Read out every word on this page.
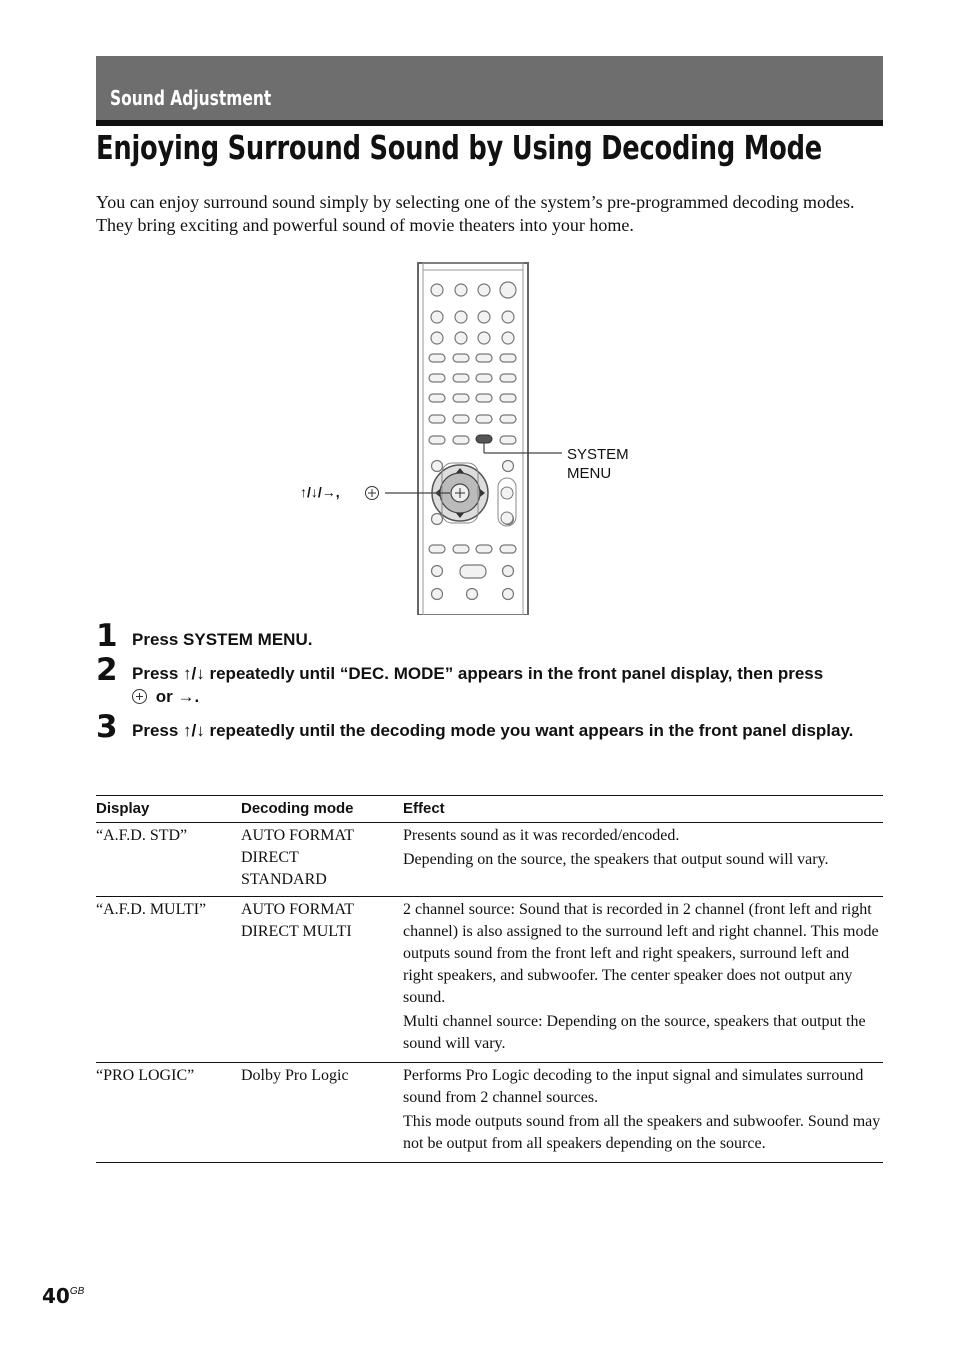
Sound Adjustment
Enjoying Surround Sound by Using Decoding Mode
You can enjoy surround sound simply by selecting one of the system’s pre-programmed decoding modes. They bring exciting and powerful sound of movie theaters into your home.
SYSTEM
MENU
↑/↓/→,
1 Press SYSTEM MENU.
2 Press ↑/↓ repeatedly until “DEC. MODE” appears in the front panel display, then press
or →.
3 Press ↑/↓ repeatedly until the decoding mode you want appears in the front panel display.
Display	Decoding mode	Effect
“A.F.D. STD”	AUTO FORMAT DIRECT STANDARD	Presents sound as it was recorded/encoded.

Depending on the source, the speakers that output sound will vary.

“A.F.D. MULTI”	AUTO FORMAT DIRECT MULTI	2 channel source: Sound that is recorded in 2 channel (front left and right channel) is also assigned to the surround left and right channel. This mode outputs sound from the front left and right speakers, surround left and right speakers, and subwoofer. The center speaker does not output any sound.

Multi channel source: Depending on the source, speakers that output the sound will vary.

“PRO LOGIC”	Dolby Pro Logic	Performs Pro Logic decoding to the input signal and simulates surround sound from 2 channel sources.

This mode outputs sound from all the speakers and subwoofer. Sound may not be output from all speakers depending on the source.

$40^{GB}$
